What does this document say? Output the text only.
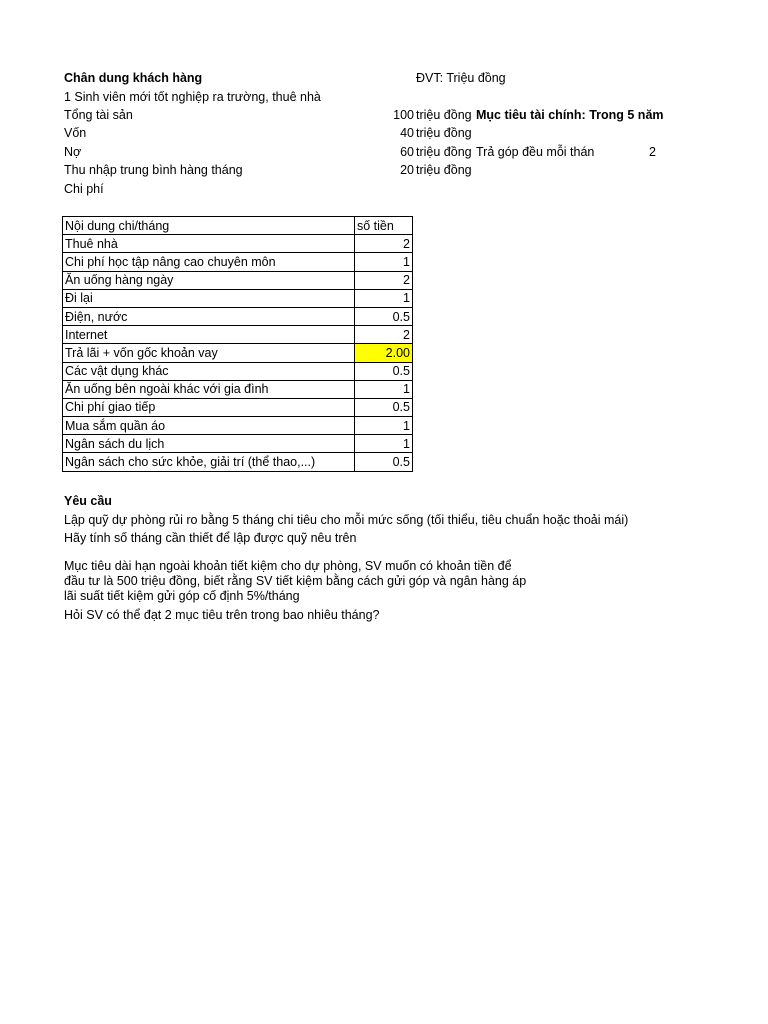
Chân dung khách hàng	ĐVT: Triệu đồng
1 Sinh viên mới tốt nghiệp ra trường, thuê nhà
Tổng tài sản	100 triệu đồng Mục tiêu tài chính: Trong 5 năm
Vốn	40 triệu đồng
Nợ	60 triệu đồng Trả góp đều mỗi thán	2
Thu nhập trung bình hàng tháng	20 triệu đồng
Chi phí
Nội dung chi/tháng	số tiền
Thuê nhà	2
Chi phí học tập nâng cao chuyên môn	1
Ăn uống hàng ngày	2
Đi lại	1
Điện, nước	0.5
Internet	2
Trả lãi + vốn gốc khoản vay	2.00
Các vật dụng khác	0.5
Ăn uống bên ngoài khác với gia đình	1
Chi phí giao tiếp	0.5
Mua sắm quần áo	1
Ngân sách du lịch	1
Ngân sách cho sức khỏe, giải trí (thể thao,...)	0.5
Yêu cầu
Lập quỹ dự phòng rủi ro bằng 5 tháng chi tiêu cho mỗi mức sống (tối thiểu, tiêu chuẩn hoặc thoải mái)
Hãy tính số tháng cần thiết để lập được quỹ nêu trên
Mục tiêu dài hạn ngoài khoản tiết kiệm cho dự phòng, SV muốn có khoản tiền để
đầu tư là 500 triệu đồng, biết rằng SV tiết kiệm bằng cách gửi góp và ngân hàng áp
lãi suất tiết kiệm gửi góp cố định 5%/tháng
Hỏi SV có thể đạt 2 mục tiêu trên trong bao nhiêu tháng?
